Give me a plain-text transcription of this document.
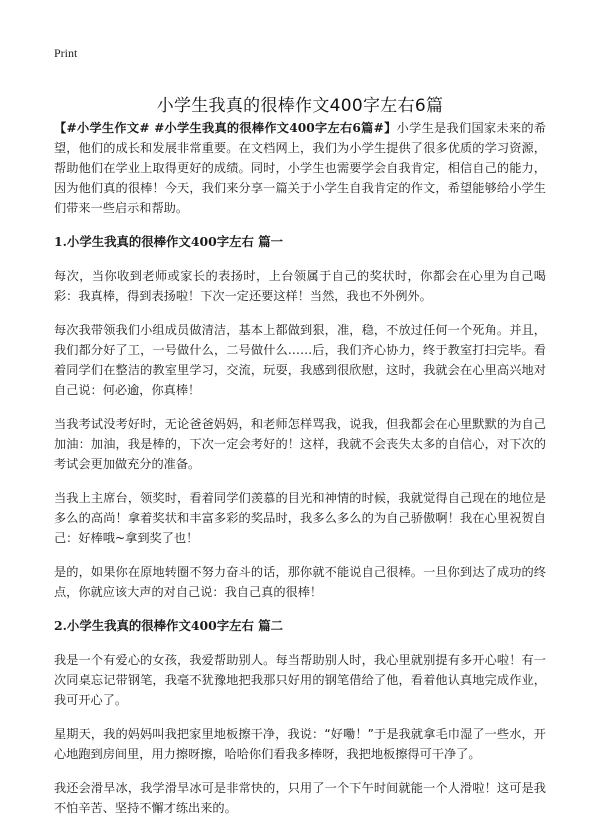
Print
小学生我真的很棒作文400字左右6篇

【#小学生作文# #小学生我真的很棒作文400字左右6篇#】小学生是我们国家未来的希望，他们的成长和发展非常重要。在文档网上，我们为小学生提供了很多优质的学习资源，帮助他们在学业上取得更好的成绩。同时，小学生也需要学会自我肯定，相信自己的能力，因为他们真的很棒！今天，我们来分享一篇关于小学生自我肯定的作文，希望能够给小学生们带来一些启示和帮助。

1.小学生我真的很棒作文400字左右 篇一

每次，当你收到老师或家长的表扬时，上台领属于自己的奖状时，你都会在心里为自己喝彩：我真棒，得到表扬啦！下次一定还要这样！当然，我也不外例外。

每次我带领我们小组成员做清洁，基本上都做到狠，准，稳，不放过任何一个死角。并且，我们都分好了工，一号做什么，二号做什么……后，我们齐心协力，终于教室打扫完毕。看着同学们在整洁的教室里学习，交流，玩耍，我感到很欣慰，这时，我就会在心里高兴地对自己说：何必逾，你真棒！

当我考试没考好时，无论爸爸妈妈，和老师怎样骂我，说我，但我都会在心里默默的为自己加油：加油，我是棒的，下次一定会考好的！这样，我就不会丧失太多的自信心，对下次的考试会更加做充分的准备。

当我上主席台，领奖时，看着同学们羡慕的目光和神情的时候，我就觉得自己现在的地位是多么的高尚！拿着奖状和丰富多彩的奖品时，我多么多么的为自己骄傲啊！我在心里祝贺自己：好棒哦~拿到奖了也！

是的，如果你在原地转圈不努力奋斗的话，那你就不能说自己很棒。一旦你到达了成功的终点，你就应该大声的对自己说：我自己真的很棒！

2.小学生我真的很棒作文400字左右 篇二

我是一个有爱心的女孩，我爱帮助别人。每当帮助别人时，我心里就别提有多开心啦！有一次同桌忘记带钢笔，我毫不犹豫地把我那只好用的钢笔借给了他，看着他认真地完成作业，我可开心了。

星期天，我的妈妈叫我把家里地板擦干净，我说：“好嘞！”于是我就拿毛巾湿了一些水，开心地跑到房间里，用力擦呀擦，哈哈你们看我多棒呀，我把地板擦得可干净了。

我还会滑旱冰，我学滑旱冰可是非常快的，只用了一个下午时间就能一个人滑啦！这可是我不怕辛苦、坚持不懈才练出来的。
